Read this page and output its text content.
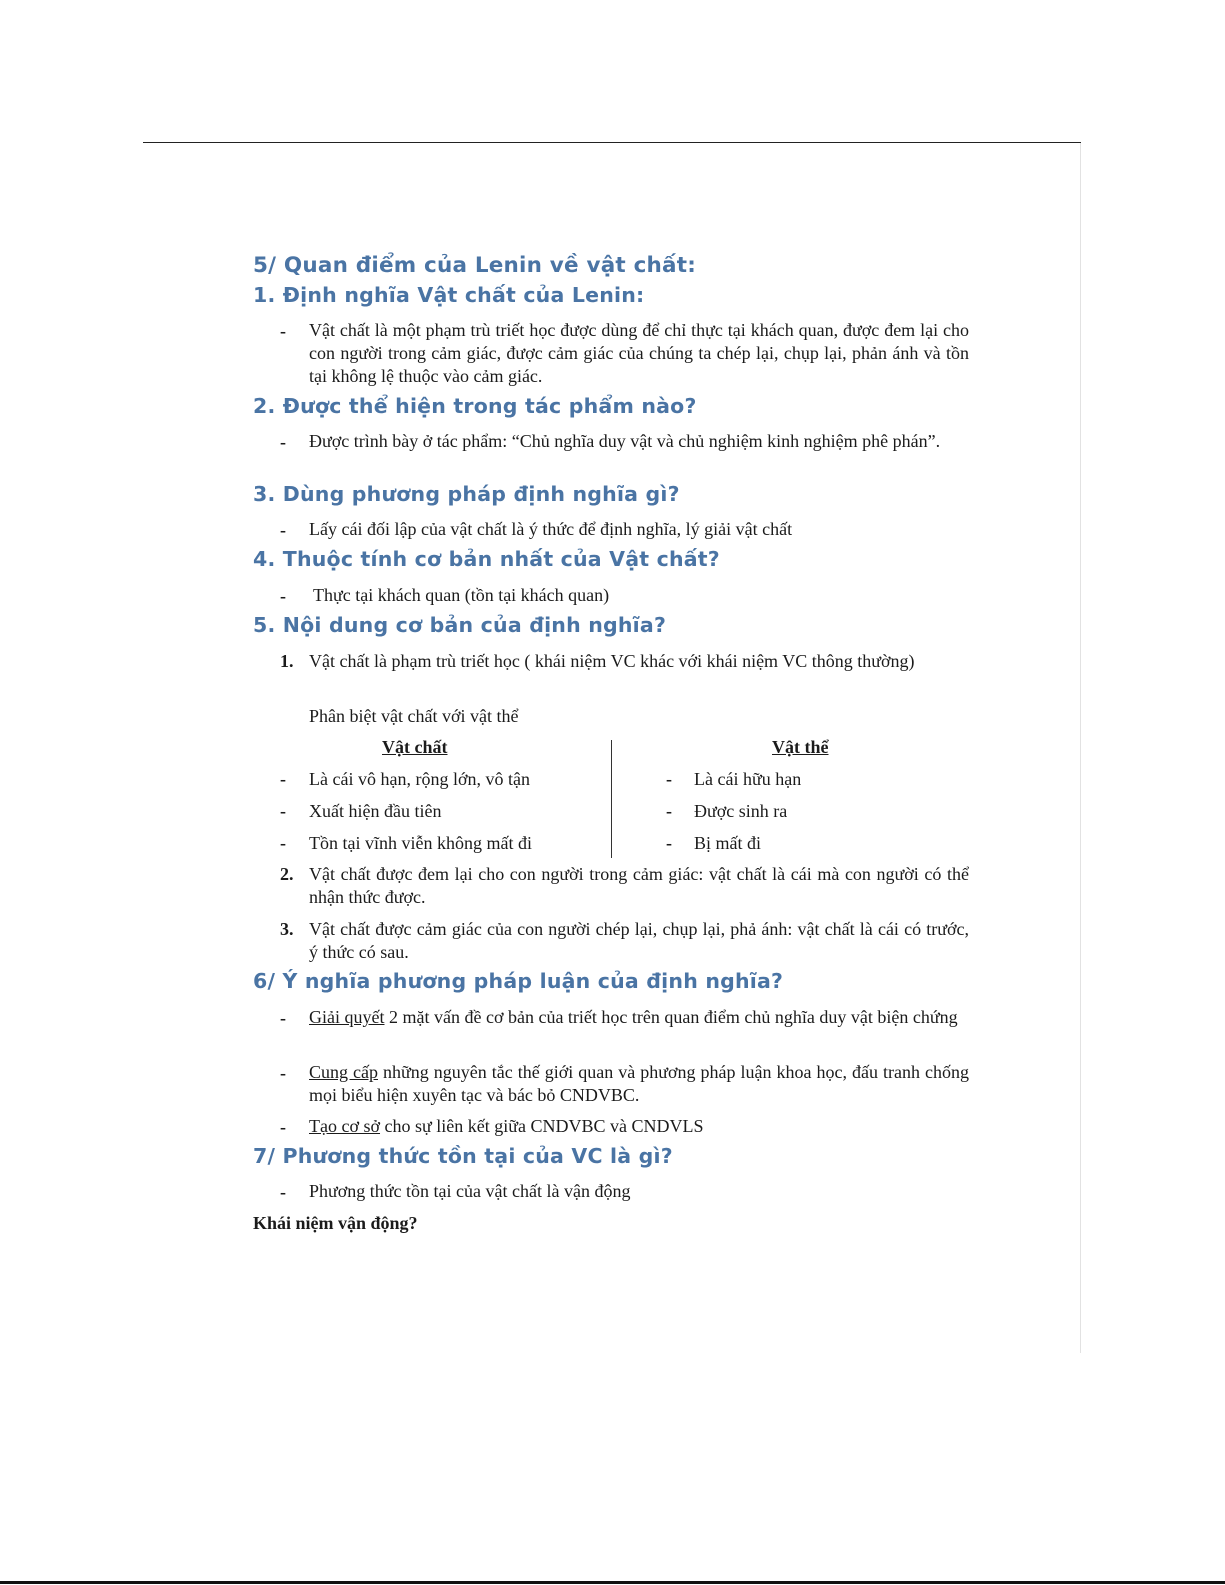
5/ Quan điểm của Lenin về vật chất:
1. Định nghĩa Vật chất của Lenin:
- Vật chất là một phạm trù triết học được dùng để chỉ thực tại khách quan, được đem lại cho con người trong cảm giác, được cảm giác của chúng ta chép lại, chụp lại, phản ánh và tồn tại không lệ thuộc vào cảm giác.

2. Được thể hiện trong tác phẩm nào?
- Được trình bày ở tác phẩm: “Chủ nghĩa duy vật và chủ nghiệm kinh nghiệm phê phán”.

3. Dùng phương pháp định nghĩa gì?
- Lấy cái đối lập của vật chất là ý thức để định nghĩa, lý giải vật chất

4. Thuộc tính cơ bản nhất của Vật chất?
- Thực tại khách quan (tồn tại khách quan)

5. Nội dung cơ bản của định nghĩa?
1. Vật chất là phạm trù triết học ( khái niệm VC khác với khái niệm VC thông thường)

Phân biệt vật chất với vật thể

Vật chất	Vật thể
- Là cái vô hạn, rộng lớn, vô tận
- Xuất hiện đầu tiên
- Tồn tại vĩnh viễn không mất đi
- Là cái hữu hạn
- Được sinh ra
- Bị mất đi
2. Vật chất được đem lại cho con người trong cảm giác: vật chất là cái mà con người có thể nhận thức được.

3. Vật chất được cảm giác của con người chép lại, chụp lại, phả ánh: vật chất là cái có trước, ý thức có sau.

6/ Ý nghĩa phương pháp luận của định nghĩa?
- Giải quyết 2 mặt vấn đề cơ bản của triết học trên quan điểm chủ nghĩa duy vật biện chứng

- Cung cấp những nguyên tắc thế giới quan và phương pháp luận khoa học, đấu tranh chống mọi biểu hiện xuyên tạc và bác bỏ CNDVBC.

- Tạo cơ sở cho sự liên kết giữa CNDVBC và CNDVLS

7/ Phương thức tồn tại của VC là gì?
- Phương thức tồn tại của vật chất là vận động

Khái niệm vận động?
